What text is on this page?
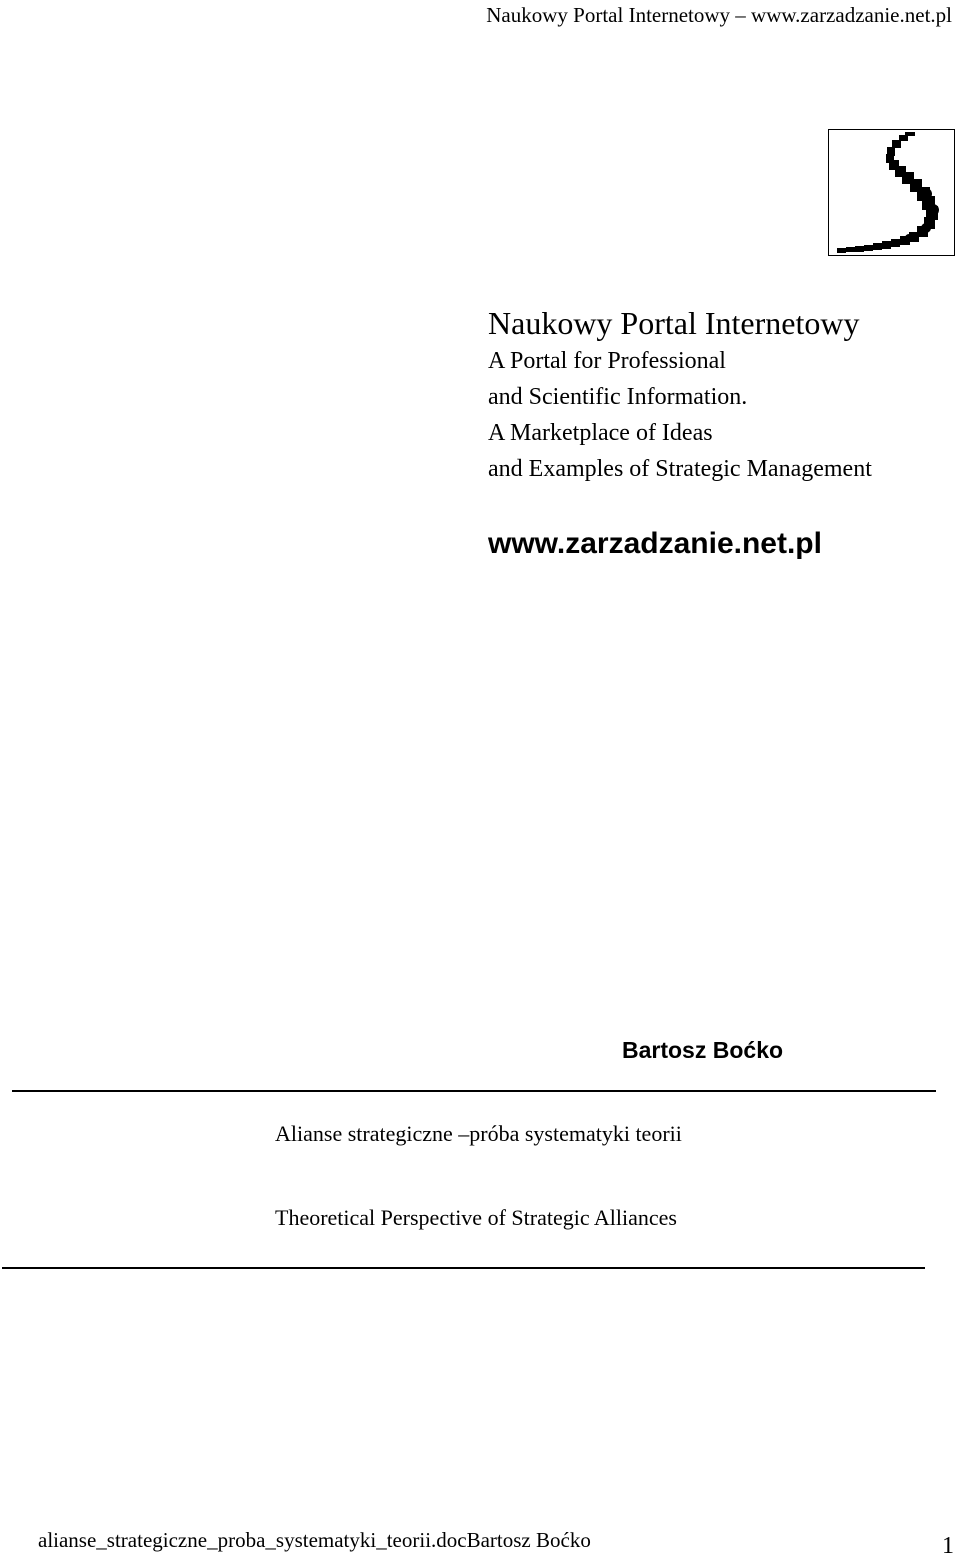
Naukowy Portal Internetowy – www.zarzadzanie.net.pl
Naukowy Portal Internetowy
A Portal for Professional
and Scientific Information.
A Marketplace of Ideas
and Examples of Strategic Management
www.zarzadzanie.net.pl
Bartosz Boćko
Alianse strategiczne –próba systematyki teorii
Theoretical Perspective of Strategic Alliances
alianse_strategiczne_proba_systematyki_teorii.docBartosz Boćko	1
